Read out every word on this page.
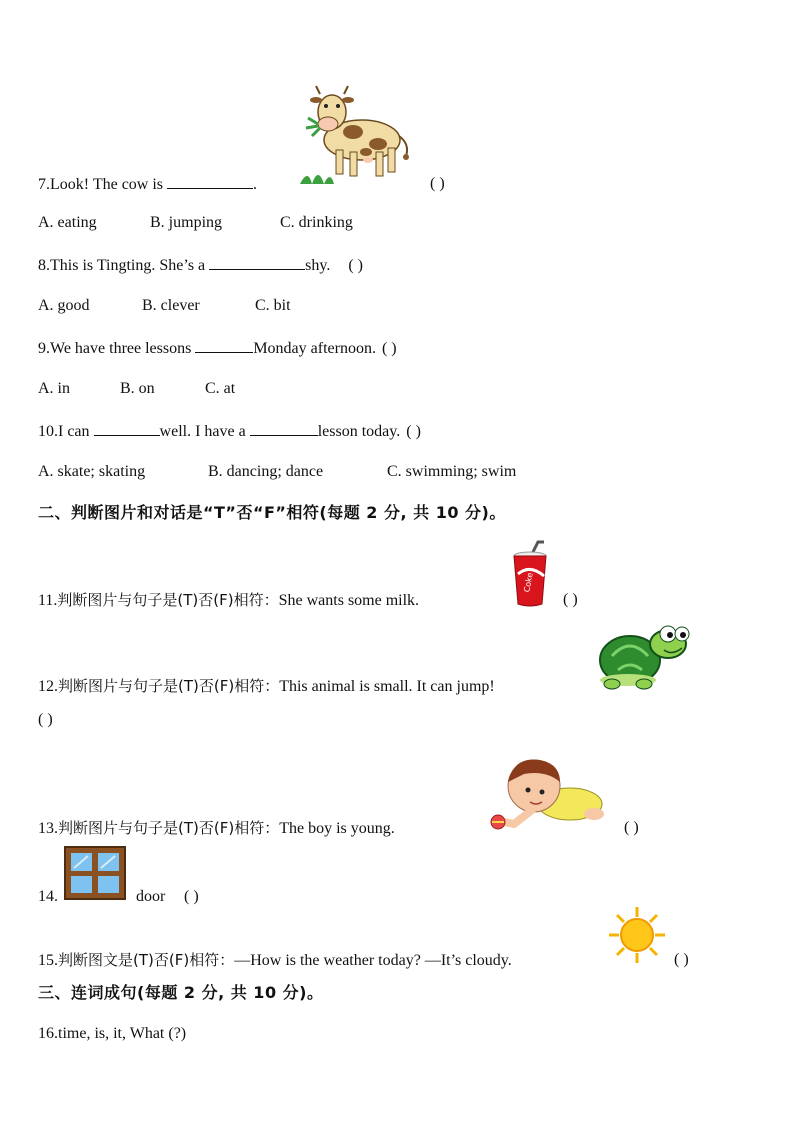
7.Look! The cow is	.	( )
A. eating	B. jumping	C. drinking
8.This is Tingting. She’s a	shy. ( )
A. good	B. clever	C. bit
9.We have three lessons	Monday afternoon. ( )
A. in	B. on	C. at
10.I can	well. I have a	lesson today. ( )
A. skate; skating	B. dancing; dance	C. swimming; swim
二、判断图片和对话是“T”否“F”相符(每题 2 分, 共 10 分)。
Coke
11.判断图片与句子是(T)否(F)相符：She wants some milk.	( )
12.判断图片与句子是(T)否(F)相符：This animal is small. It can jump!
( )
13.判断图片与句子是(T)否(F)相符：The boy is young.	( )
14.	door ( )
15.判断图文是(T)否(F)相符：—How is the weather today? —It’s cloudy.	( )
三、连词成句(每题 2 分, 共 10 分)。
16.time, is, it, What (?)
